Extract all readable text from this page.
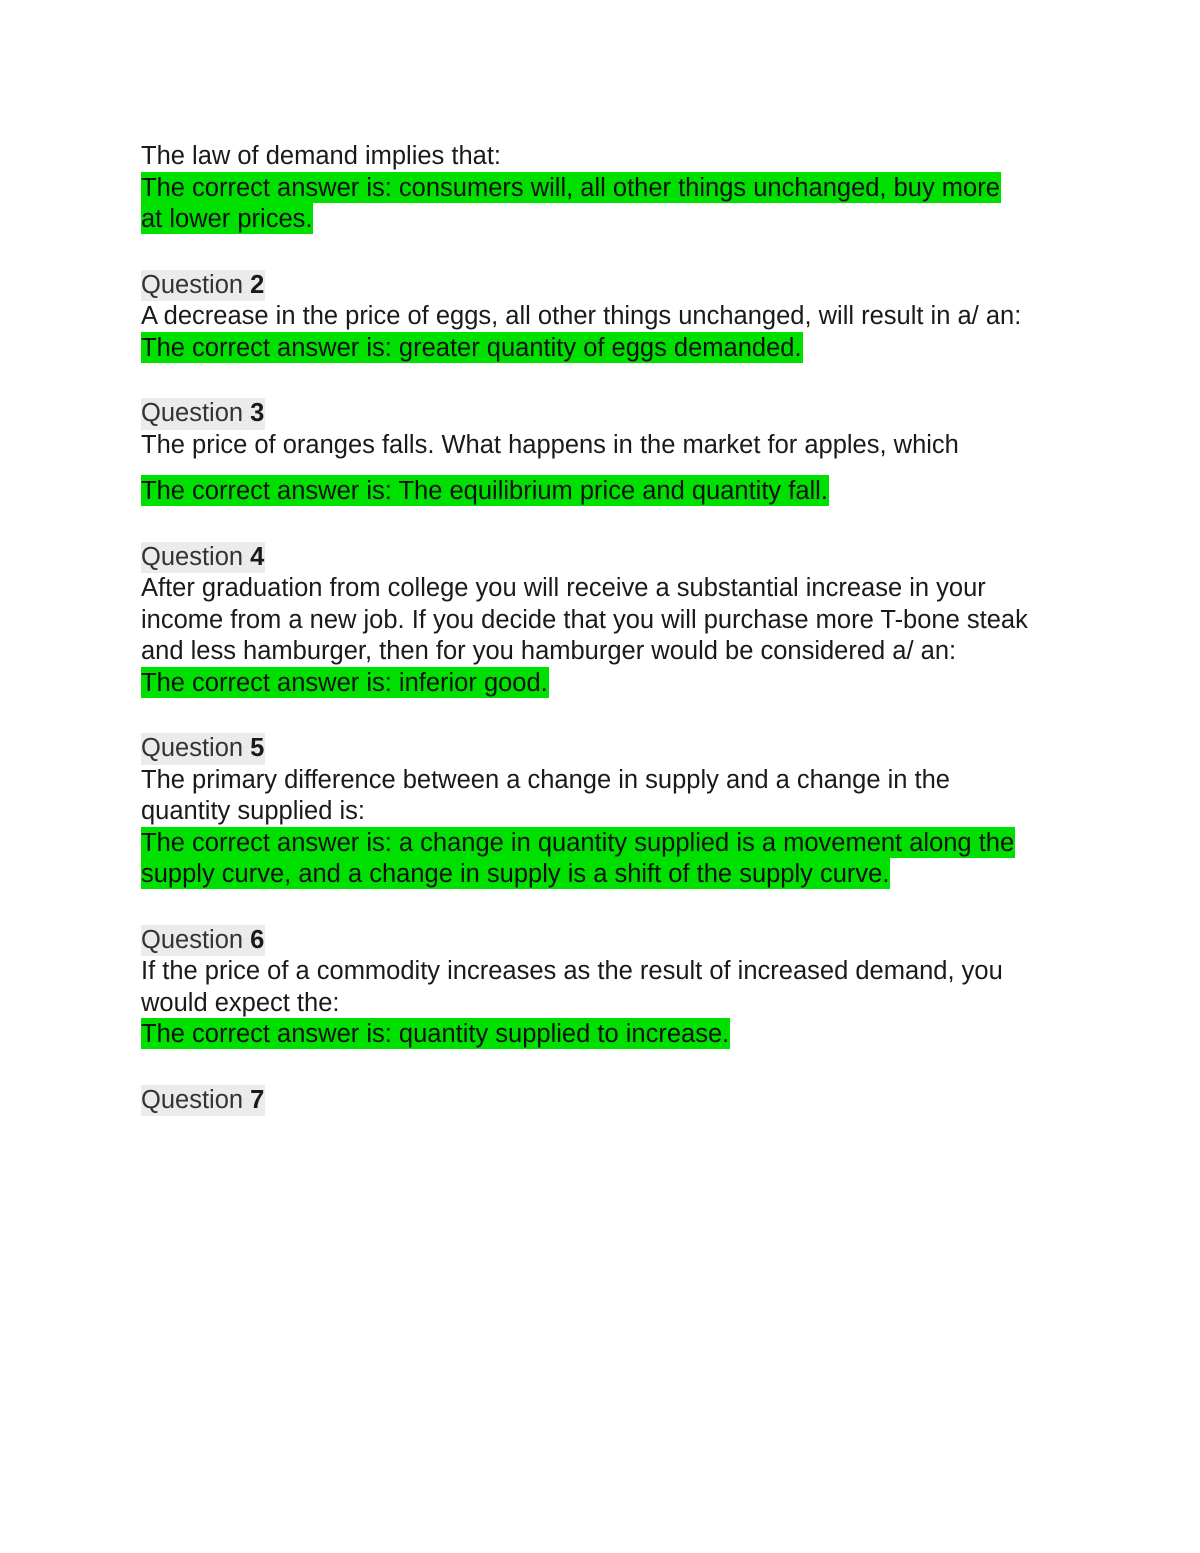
The law of demand implies that:
The correct answer is: consumers will, all other things unchanged, buy more at lower prices.
Question 2
A decrease in the price of eggs, all other things unchanged, will result in a/ an:
The correct answer is: greater quantity of eggs demanded.
Question 3
The price of oranges falls. What happens in the market for apples, which
The correct answer is: The equilibrium price and quantity fall.
Question 4
After graduation from college you will receive a substantial increase in your income from a new job. If you decide that you will purchase more T-bone steak and less hamburger, then for you hamburger would be considered a/ an:
The correct answer is: inferior good.
Question 5
The primary difference between a change in supply and a change in the quantity supplied is:
The correct answer is: a change in quantity supplied is a movement along the supply curve, and a change in supply is a shift of the supply curve.
Question 6
If the price of a commodity increases as the result of increased demand, you would expect the:
The correct answer is: quantity supplied to increase.
Question 7
